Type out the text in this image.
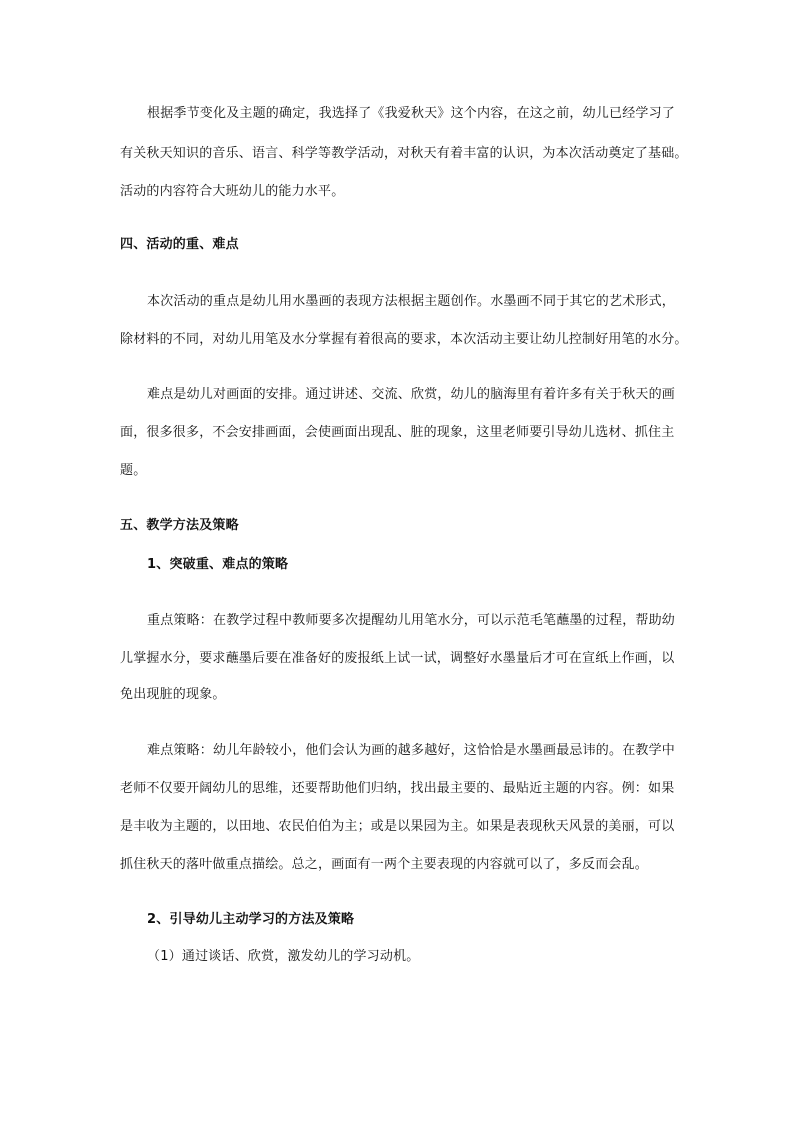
根据季节变化及主题的确定，我选择了《我爱秋天》这个内容，在这之前，幼儿已经学习了
有关秋天知识的音乐、语言、科学等教学活动，对秋天有着丰富的认识，为本次活动奠定了基础。
活动的内容符合大班幼儿的能力水平。
四、活动的重、难点
本次活动的重点是幼儿用水墨画的表现方法根据主题创作。水墨画不同于其它的艺术形式，
除材料的不同，对幼儿用笔及水分掌握有着很高的要求，本次活动主要让幼儿控制好用笔的水分。
难点是幼儿对画面的安排。通过讲述、交流、欣赏，幼儿的脑海里有着许多有关于秋天的画
面，很多很多，不会安排画面，会使画面出现乱、脏的现象，这里老师要引导幼儿选材、抓住主
题。
五、教学方法及策略
1、突破重、难点的策略
重点策略：在教学过程中教师要多次提醒幼儿用笔水分，可以示范毛笔蘸墨的过程，帮助幼
儿掌握水分，要求蘸墨后要在准备好的废报纸上试一试，调整好水墨量后才可在宣纸上作画，以
免出现脏的现象。
难点策略：幼儿年龄较小，他们会认为画的越多越好，这恰恰是水墨画最忌讳的。在教学中
老师不仅要开阔幼儿的思维，还要帮助他们归纳，找出最主要的、最贴近主题的内容。例：如果
是丰收为主题的，以田地、农民伯伯为主；或是以果园为主。如果是表现秋天风景的美丽，可以
抓住秋天的落叶做重点描绘。总之，画面有一两个主要表现的内容就可以了，多反而会乱。
2、引导幼儿主动学习的方法及策略
（1）通过谈话、欣赏，激发幼儿的学习动机。
